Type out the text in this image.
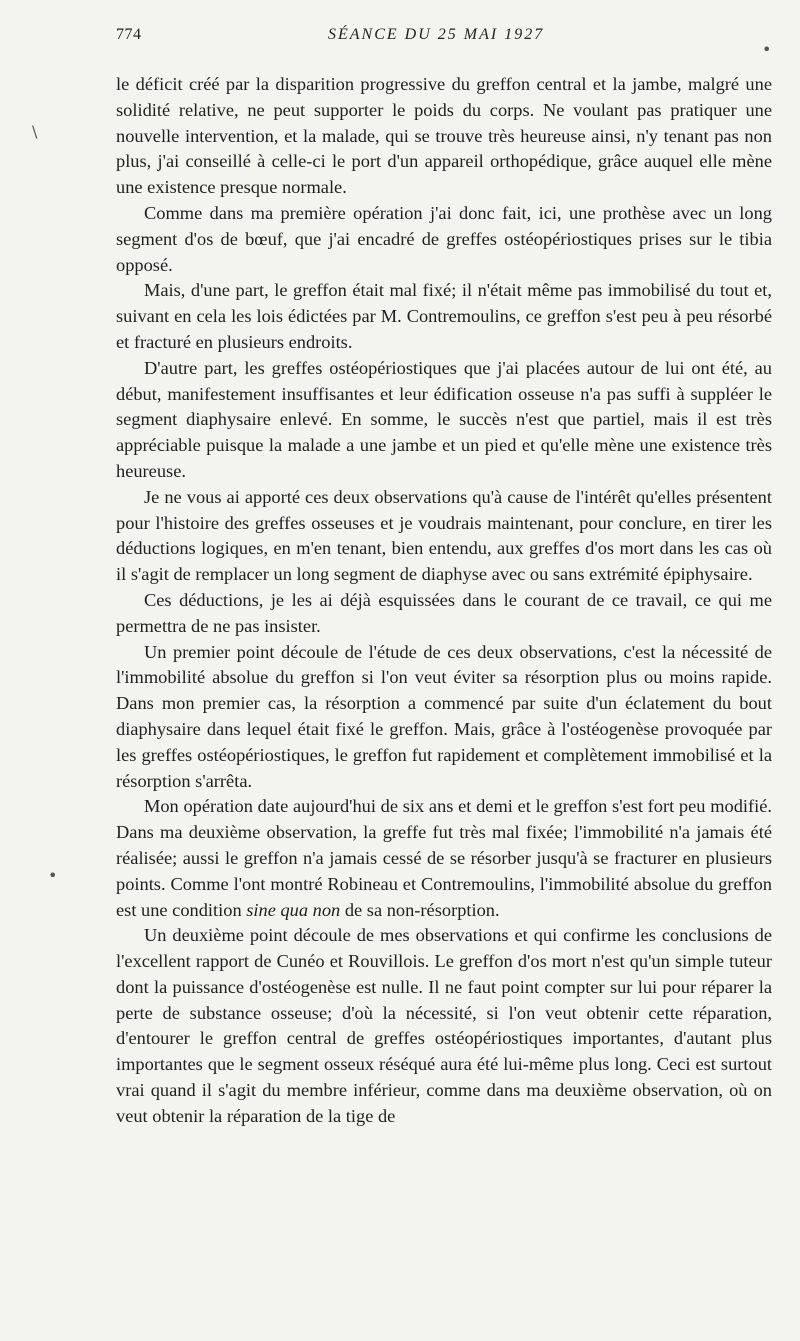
774	SÉANCE DU 25 MAI 1927
•
\
•

le déficit créé par la disparition progressive du greffon central et la jambe, malgré une solidité relative, ne peut supporter le poids du corps. Ne voulant pas pratiquer une nouvelle intervention, et la malade, qui se trouve très heureuse ainsi, n'y tenant pas non plus, j'ai conseillé à celle-ci le port d'un appareil orthopédique, grâce auquel elle mène une existence presque normale.

Comme dans ma première opération j'ai donc fait, ici, une prothèse avec un long segment d'os de bœuf, que j'ai encadré de greffes ostéopériostiques prises sur le tibia opposé.

Mais, d'une part, le greffon était mal fixé; il n'était même pas immobilisé du tout et, suivant en cela les lois édictées par M. Contremoulins, ce greffon s'est peu à peu résorbé et fracturé en plusieurs endroits.

D'autre part, les greffes ostéopériostiques que j'ai placées autour de lui ont été, au début, manifestement insuffisantes et leur édification osseuse n'a pas suffi à suppléer le segment diaphysaire enlevé. En somme, le succès n'est que partiel, mais il est très appréciable puisque la malade a une jambe et un pied et qu'elle mène une existence très heureuse.

Je ne vous ai apporté ces deux observations qu'à cause de l'intérêt qu'elles présentent pour l'histoire des greffes osseuses et je voudrais maintenant, pour conclure, en tirer les déductions logiques, en m'en tenant, bien entendu, aux greffes d'os mort dans les cas où il s'agit de remplacer un long segment de diaphyse avec ou sans extrémité épiphysaire.

Ces déductions, je les ai déjà esquissées dans le courant de ce travail, ce qui me permettra de ne pas insister.

Un premier point découle de l'étude de ces deux observations, c'est la nécessité de l'immobilité absolue du greffon si l'on veut éviter sa résorption plus ou moins rapide. Dans mon premier cas, la résorption a commencé par suite d'un éclatement du bout diaphysaire dans lequel était fixé le greffon. Mais, grâce à l'ostéogenèse provoquée par les greffes ostéopériostiques, le greffon fut rapidement et complètement immobilisé et la résorption s'arrêta.

Mon opération date aujourd'hui de six ans et demi et le greffon s'est fort peu modifié. Dans ma deuxième observation, la greffe fut très mal fixée; l'immobilité n'a jamais été réalisée; aussi le greffon n'a jamais cessé de se résorber jusqu'à se fracturer en plusieurs points. Comme l'ont montré Robineau et Contremoulins, l'immobilité absolue du greffon est une condition sine qua non de sa non-résorption.

Un deuxième point découle de mes observations et qui confirme les conclusions de l'excellent rapport de Cunéo et Rouvillois. Le greffon d'os mort n'est qu'un simple tuteur dont la puissance d'ostéogenèse est nulle. Il ne faut point compter sur lui pour réparer la perte de substance osseuse; d'où la nécessité, si l'on veut obtenir cette réparation, d'entourer le greffon central de greffes ostéopériostiques importantes, d'autant plus importantes que le segment osseux réséqué aura été lui-même plus long. Ceci est surtout vrai quand il s'agit du membre inférieur, comme dans ma deuxième observation, où on veut obtenir la réparation de la tige de
